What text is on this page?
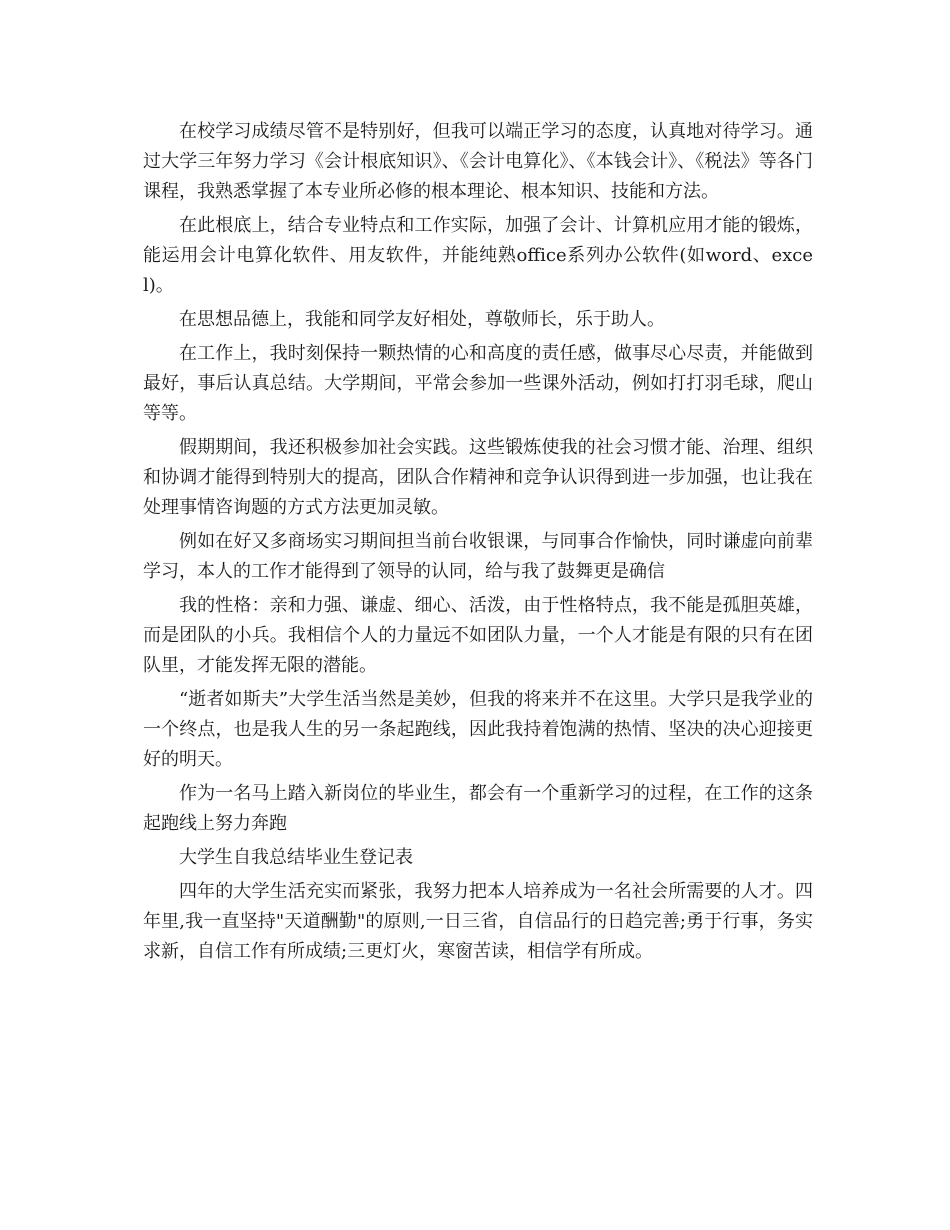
在校学习成绩尽管不是特别好，但我可以端正学习的态度，认真地对待学习。通过大学三年努力学习《会计根底知识》、《会计电算化》、《本钱会计》、《税法》等各门课程，我熟悉掌握了本专业所必修的根本理论、根本知识、技能和方法。

在此根底上，结合专业特点和工作实际，加强了会计、计算机应用才能的锻炼，能运用会计电算化软件、用友软件，并能纯熟office系列办公软件(如word、excel)。

在思想品德上，我能和同学友好相处，尊敬师长，乐于助人。

在工作上，我时刻保持一颗热情的心和高度的责任感，做事尽心尽责，并能做到最好，事后认真总结。大学期间，平常会参加一些课外活动，例如打打羽毛球，爬山等等。

假期期间，我还积极参加社会实践。这些锻炼使我的社会习惯才能、治理、组织和协调才能得到特别大的提高，团队合作精神和竞争认识得到进一步加强，也让我在处理事情咨询题的方式方法更加灵敏。

例如在好又多商场实习期间担当前台收银课，与同事合作愉快，同时谦虚向前辈学习，本人的工作才能得到了领导的认同，给与我了鼓舞更是确信

我的性格：亲和力强、谦虚、细心、活泼，由于性格特点，我不能是孤胆英雄，而是团队的小兵。我相信个人的力量远不如团队力量，一个人才能是有限的只有在团队里，才能发挥无限的潜能。

“逝者如斯夫”大学生活当然是美妙，但我的将来并不在这里。大学只是我学业的一个终点，也是我人生的另一条起跑线，因此我持着饱满的热情、坚决的决心迎接更好的明天。

作为一名马上踏入新岗位的毕业生，都会有一个重新学习的过程，在工作的这条起跑线上努力奔跑

大学生自我总结毕业生登记表

四年的大学生活充实而紧张，我努力把本人培养成为一名社会所需要的人才。四年里,我一直坚持"天道酬勤"的原则,一日三省，自信品行的日趋完善;勇于行事，务实求新，自信工作有所成绩;三更灯火，寒窗苦读，相信学有所成。
